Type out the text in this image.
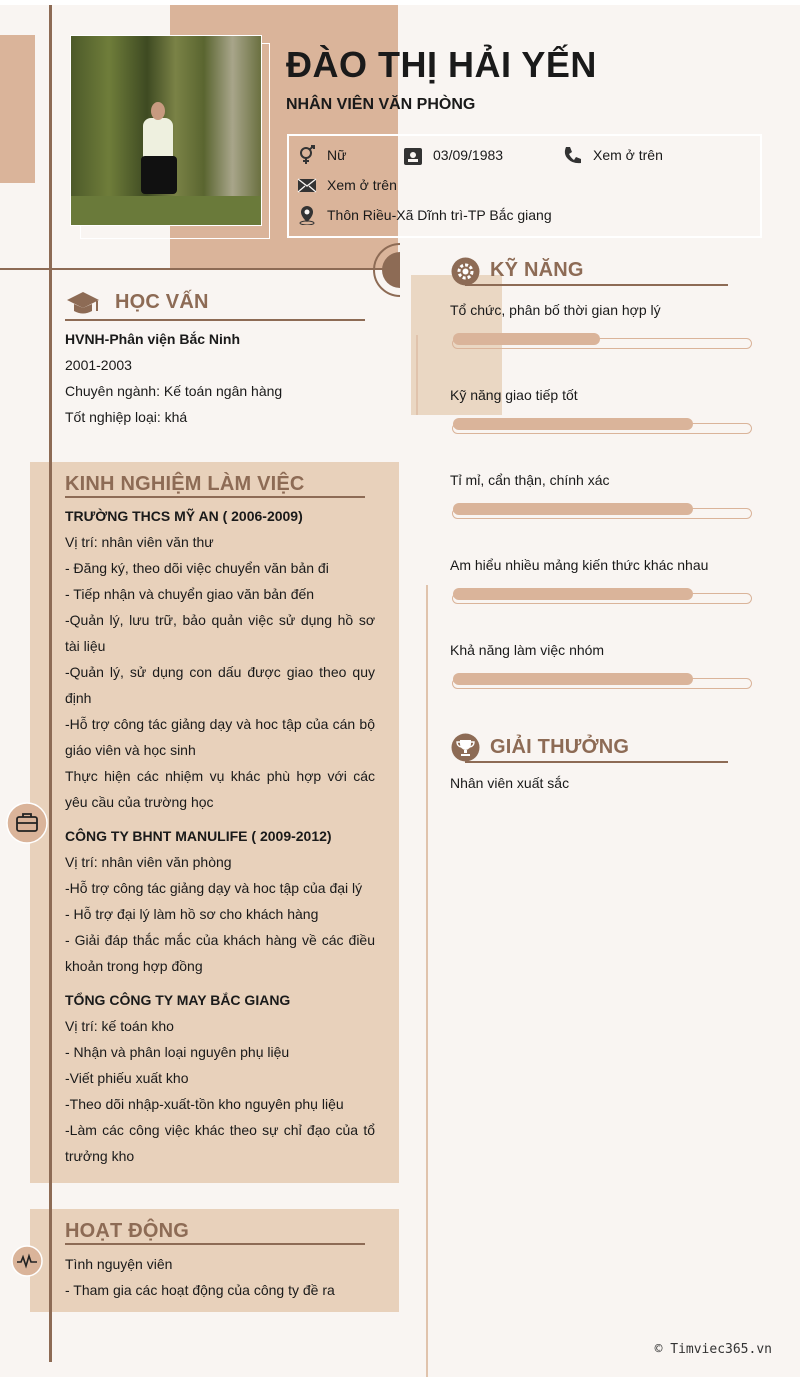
ĐÀO THỊ HẢI YẾN
NHÂN VIÊN VĂN PHÒNG
Nữ	03/09/1983	Xem ở trên
Xem ở trên
Thôn Riều-Xã Dĩnh trì-TP Bắc giang
HỌC VẤN
HVNH-Phân viện Bắc Ninh
2001-2003
Chuyên ngành: Kế toán ngân hàng
Tốt nghiệp loại: khá
KINH NGHIỆM LÀM VIỆC
TRƯỜNG THCS MỸ AN ( 2006-2009)
Vị trí: nhân viên văn thư
- Đăng ký, theo dõi việc chuyển văn bản đi
- Tiếp nhận và chuyển giao văn bản đến
-Quản lý, lưu trữ, bảo quản việc sử dụng hồ sơ tài liệu
-Quản lý, sử dụng con dấu được giao theo quy định
-Hỗ trợ công tác giảng dạy và hoc tập của cán bộ giáo viên và học sinh
Thực hiện các nhiệm vụ khác phù hợp với các yêu cầu của trường học
CÔNG TY BHNT MANULIFE ( 2009-2012)
Vị trí: nhân viên văn phòng
-Hỗ trợ công tác giảng dạy và hoc tập của đại lý
- Hỗ trợ đại lý làm hồ sơ cho khách hàng
- Giải đáp thắc mắc của khách hàng về các điều khoản trong hợp đồng
TỔNG CÔNG TY MAY BẮC GIANG
Vị trí: kế toán kho
- Nhận và phân loại nguyên phụ liệu
-Viết phiếu xuất kho
-Theo dõi nhập-xuất-tồn kho nguyên phụ liệu
-Làm các công việc khác theo sự chỉ đạo của tổ trưởng kho
HOẠT ĐỘNG
Tình nguyện viên
- Tham gia các hoạt động của công ty đề ra
KỸ NĂNG
Tổ chức, phân bố thời gian hợp lý
Kỹ năng giao tiếp tốt
Tỉ mỉ, cẩn thận, chính xác
Am hiểu nhiều mảng kiến thức khác nhau
Khả năng làm việc nhóm
GIẢI THƯỞNG
Nhân viên xuất sắc
© Timviec365.vn
